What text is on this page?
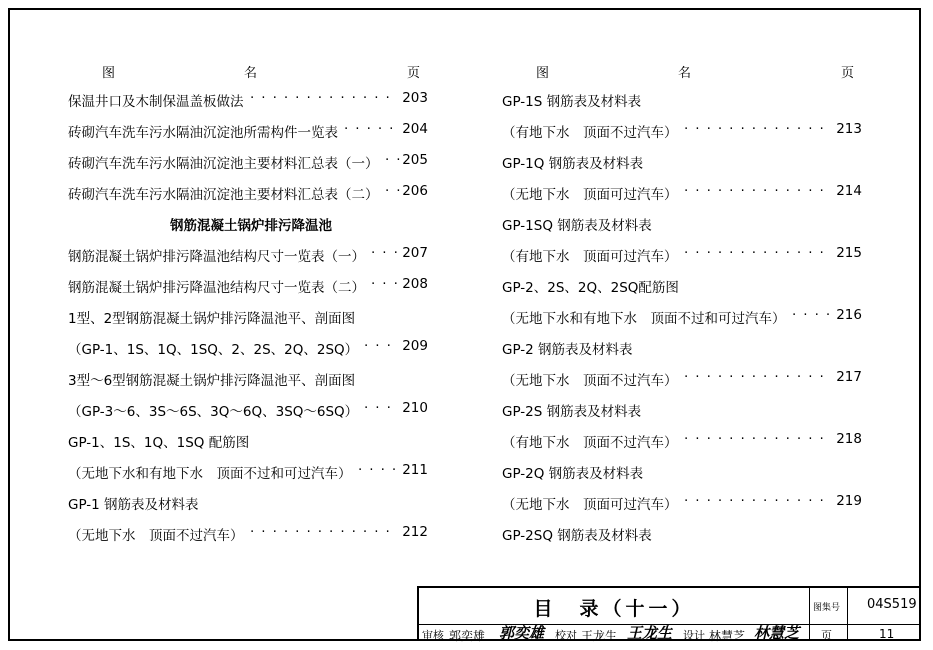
图	名	页
保温井口及木制保温盖板做法	203
·············
砖砌汽车洗车污水隔油沉淀池所需构件一览表	204
·····
砖砌汽车洗车污水隔油沉淀池主要材料汇总表（一） 205
··
砖砌汽车洗车污水隔油沉淀池主要材料汇总表（二） 206
··
钢筋混凝土锅炉排污降温池
钢筋混凝土锅炉排污降温池结构尺寸一览表（一）	207
···
钢筋混凝土锅炉排污降温池结构尺寸一览表（二）	208
···
1型、2型钢筋混凝土锅炉排污降温池平、剖面图
（GP-1、1S、1Q、1SQ、2、2S、2Q、2SQ）	209
···
3型～6型钢筋混凝土锅炉排污降温池平、剖面图
（GP-3～6、3S～6S、3Q～6Q、3SQ～6SQ）	210
···
GP-1、1S、1Q、1SQ 配筋图
（无地下水和有地下水　顶面不过和可过汽车）	211
····
GP-1 钢筋表及材料表
（无地下水　顶面不过汽车）	212
·············
图	名	页
GP-1S 钢筋表及材料表
（有地下水　顶面不过汽车）	213
·············
GP-1Q 钢筋表及材料表
（无地下水　顶面可过汽车）	214
·············
GP-1SQ 钢筋表及材料表
（有地下水　顶面可过汽车）	215
·············
GP-2、2S、2Q、2SQ配筋图
（无地下水和有地下水　顶面不过和可过汽车）	216
····
GP-2 钢筋表及材料表
（无地下水　顶面不过汽车）	217
·············
GP-2S 钢筋表及材料表
（有地下水　顶面不过汽车）	218
·············
GP-2Q 钢筋表及材料表
（无地下水　顶面可过汽车）	219
·············
GP-2SQ 钢筋表及材料表
目　录（十一）	图集号 04S519
审核 郭奕雄 郭奕雄 校对 王龙生 王龙生 设计 林慧芝 林慧芝 页	11
